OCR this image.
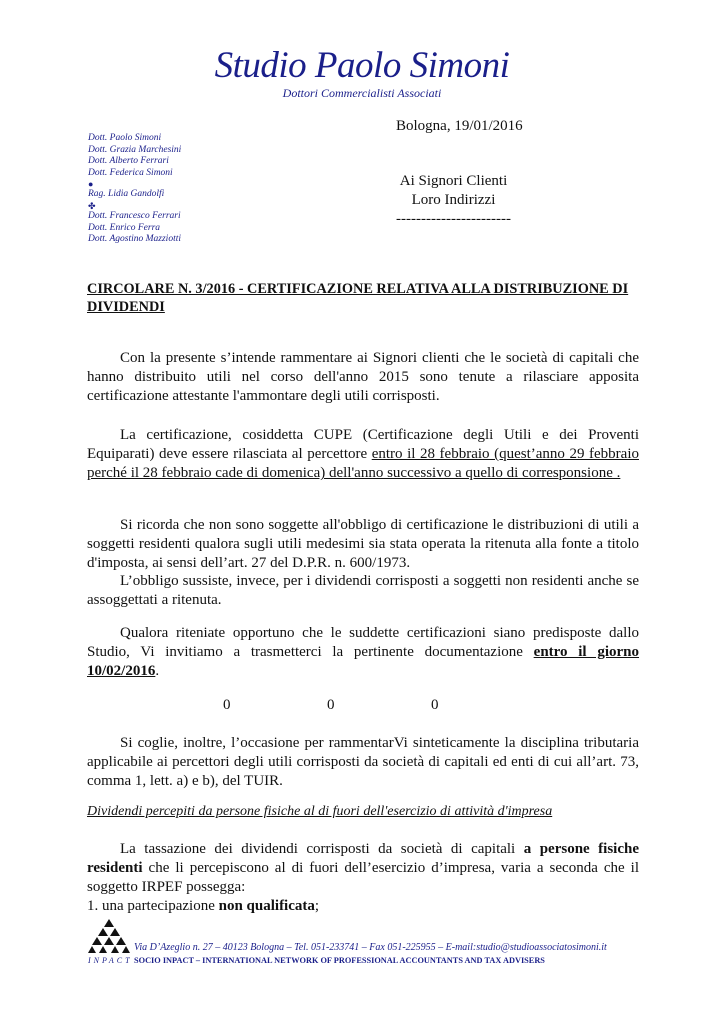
Studio Paolo Simoni
Dottori Commercialisti Associati
Dott. Paolo Simoni
Dott. Grazia Marchesini
Dott. Alberto Ferrari
Dott. Federica Simoni
●
Rag. Lidia Gandolfi
✤
Dott. Francesco Ferrari
Dott. Enrico Ferra
Dott. Agostino Mazziotti
Bologna, 19/01/2016
Ai Signori Clienti
Loro Indirizzi
-----------------------
CIRCOLARE N. 3/2016 - CERTIFICAZIONE RELATIVA ALLA DISTRIBUZIONE DI DIVIDENDI
Con la presente s’intende rammentare ai Signori clienti che le società di capitali che hanno distribuito utili nel corso dell'anno 2015 sono tenute a rilasciare apposita certificazione attestante l'ammontare degli utili corrisposti.
La certificazione, cosiddetta CUPE (Certificazione degli Utili e dei Proventi Equiparati) deve essere rilasciata al percettore entro il 28 febbraio (quest’anno 29 febbraio perché il 28 febbraio cade di domenica) dell'anno successivo a quello di corresponsione .
Si ricorda che non sono soggette all'obbligo di certificazione le distribuzioni di utili a soggetti residenti qualora sugli utili medesimi sia stata operata la ritenuta alla fonte a titolo d'imposta, ai sensi dell’art. 27 del D.P.R. n. 600/1973.
L’obbligo sussiste, invece, per i dividendi corrisposti a soggetti non residenti anche se assoggettati a ritenuta.
Qualora riteniate opportuno che le suddette certificazioni siano predisposte dallo Studio, Vi invitiamo a trasmetterci la pertinente documentazione entro il giorno 10/02/2016.
0	0	0
Si coglie, inoltre, l’occasione per rammentarVi sinteticamente la disciplina tributaria applicabile ai percettori degli utili corrisposti da società di capitali ed enti di cui all’art. 73, comma 1, lett. a) e b), del TUIR.
Dividendi percepiti da persone fisiche al di fuori dell'esercizio di attività d'impresa
La tassazione dei dividendi corrisposti da società di capitali a persone fisiche residenti che li percepiscono al di fuori dell’esercizio d’impresa, varia a seconda che il soggetto IRPEF possegga:
1. una partecipazione non qualificata;
INPACT
Via D’Azeglio n. 27 – 40123 Bologna – Tel. 051-233741 – Fax 051-225955 – E-mail:studio@studioassociatosimoni.it
SOCIO INPACT – INTERNATIONAL NETWORK OF PROFESSIONAL ACCOUNTANTS AND TAX ADVISERS
